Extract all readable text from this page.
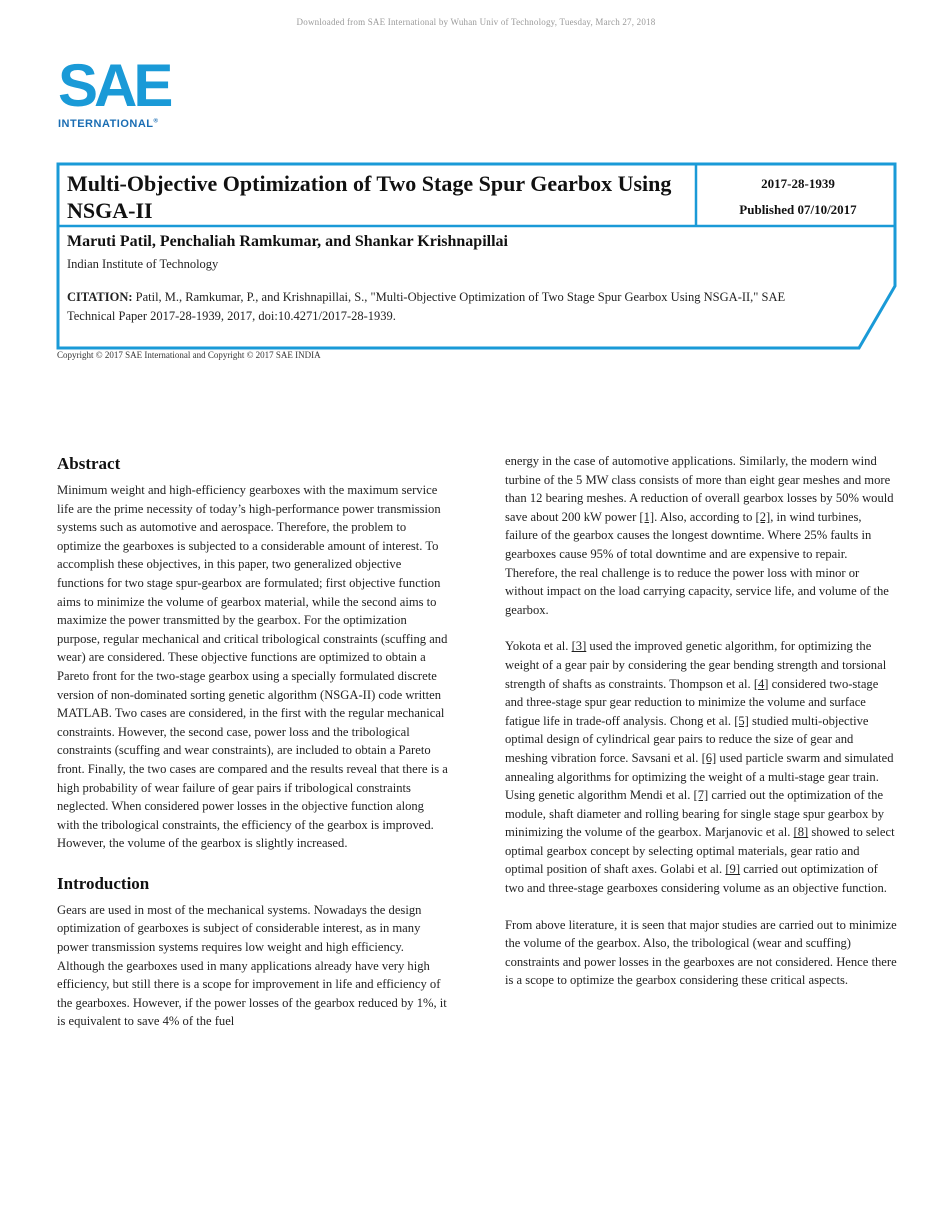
Downloaded from SAE International by Wuhan Univ of Technology, Tuesday, March 27, 2018
SAE
INTERNATIONAL®
Multi-Objective Optimization of Two Stage Spur Gearbox Using NSGA-II
2017-28-1939
Published 07/10/2017
Maruti Patil, Penchaliah Ramkumar, and Shankar Krishnapillai
Indian Institute of Technology
CITATION: Patil, M., Ramkumar, P., and Krishnapillai, S., "Multi-Objective Optimization of Two Stage Spur Gearbox Using NSGA-II," SAE Technical Paper 2017-28-1939, 2017, doi:10.4271/2017-28-1939.
Copyright © 2017 SAE International and Copyright © 2017 SAE INDIA
Abstract

Minimum weight and high-efficiency gearboxes with the maximum service life are the prime necessity of today’s high-performance power transmission systems such as automotive and aerospace. Therefore, the problem to optimize the gearboxes is subjected to a considerable amount of interest. To accomplish these objectives, in this paper, two generalized objective functions for two stage spur-gearbox are formulated; first objective function aims to minimize the volume of gearbox material, while the second aims to maximize the power transmitted by the gearbox. For the optimization purpose, regular mechanical and critical tribological constraints (scuffing and wear) are considered. These objective functions are optimized to obtain a Pareto front for the two-stage gearbox using a specially formulated discrete version of non-dominated sorting genetic algorithm (NSGA-II) code written MATLAB. Two cases are considered, in the first with the regular mechanical constraints. However, the second case, power loss and the tribological constraints (scuffing and wear constraints), are included to obtain a Pareto front. Finally, the two cases are compared and the results reveal that there is a high probability of wear failure of gear pairs if tribological constraints neglected. When considered power losses in the objective function along with the tribological constraints, the efficiency of the gearbox is improved. However, the volume of the gearbox is slightly increased.

Introduction

Gears are used in most of the mechanical systems. Nowadays the design optimization of gearboxes is subject of considerable interest, as in many power transmission systems requires low weight and high efficiency. Although the gearboxes used in many applications already have very high efficiency, but still there is a scope for improvement in life and efficiency of the gearboxes. However, if the power losses of the gearbox reduced by 1%, it is equivalent to save 4% of the fuel

energy in the case of automotive applications. Similarly, the modern wind turbine of the 5 MW class consists of more than eight gear meshes and more than 12 bearing meshes. A reduction of overall gearbox losses by 50% would save about 200 kW power [1]. Also, according to [2], in wind turbines, failure of the gearbox causes the longest downtime. Where 25% faults in gearboxes cause 95% of total downtime and are expensive to repair. Therefore, the real challenge is to reduce the power loss with minor or without impact on the load carrying capacity, service life, and volume of the gearbox.

Yokota et al. [3] used the improved genetic algorithm, for optimizing the weight of a gear pair by considering the gear bending strength and torsional strength of shafts as constraints. Thompson et al. [4] considered two-stage and three-stage spur gear reduction to minimize the volume and surface fatigue life in trade-off analysis. Chong et al. [5] studied multi-objective optimal design of cylindrical gear pairs to reduce the size of gear and meshing vibration force. Savsani et al. [6] used particle swarm and simulated annealing algorithms for optimizing the weight of a multi-stage gear train. Using genetic algorithm Mendi et al. [7] carried out the optimization of the module, shaft diameter and rolling bearing for single stage spur gearbox by minimizing the volume of the gearbox. Marjanovic et al. [8] showed to select optimal gearbox concept by selecting optimal materials, gear ratio and optimal position of shaft axes. Golabi et al. [9] carried out optimization of two and three-stage gearboxes considering volume as an objective function.

From above literature, it is seen that major studies are carried out to minimize the volume of the gearbox. Also, the tribological (wear and scuffing) constraints and power losses in the gearboxes are not considered. Hence there is a scope to optimize the gearbox considering these critical aspects.
